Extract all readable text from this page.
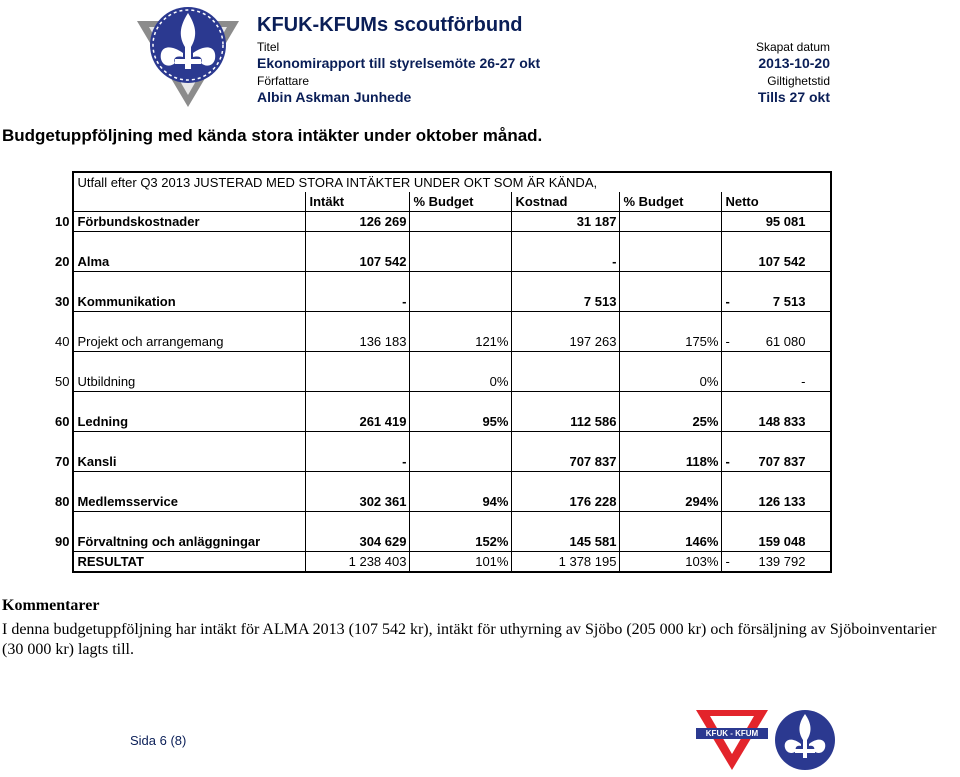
KFUK-KFUMs scoutförbund
Titel
Ekonomirapport till styrelsemöte 26-27 okt
Författare
Albin Askman Junhede
Skapat datum
2013-10-20
Giltighetstid
Tills 27 okt
Budgetuppföljning med kända stora intäkter under oktober månad.
	Utfall efter Q3 2013 JUSTERAD MED STORA INTÄKTER UNDER OKT SOM ÄR KÄNDA,					
		Intäkt	% Budget	Kostnad	% Budget	Netto
10	Förbundskostnader	126 269		31 187		95 081

20	Alma	107 542		-		107 542

30	Kommunikation	-		7 513		- 7 513

40	Projekt och arrangemang	136 183	121%	197 263	175%	- 61 080

50	Utbildning		0%		0%	-

60	Ledning	261 419	95%	112 586	25%	148 833

70	Kansli	-		707 837	118%	- 707 837

80	Medlemsservice	302 361	94%	176 228	294%	126 133

90	Förvaltning och anläggningar	304 629	152%	145 581	146%	159 048

	RESULTAT	1 238 403	101%	1 378 195	103%	- 139 792
Kommentarer
I denna budgetuppföljning har intäkt för ALMA 2013 (107 542 kr), intäkt för uthyrning av Sjöbo (205 000 kr) och försäljning av Sjöboinventarier (30 000 kr) lagts till.
Sida 6 (8)	KFUK - KFUM
